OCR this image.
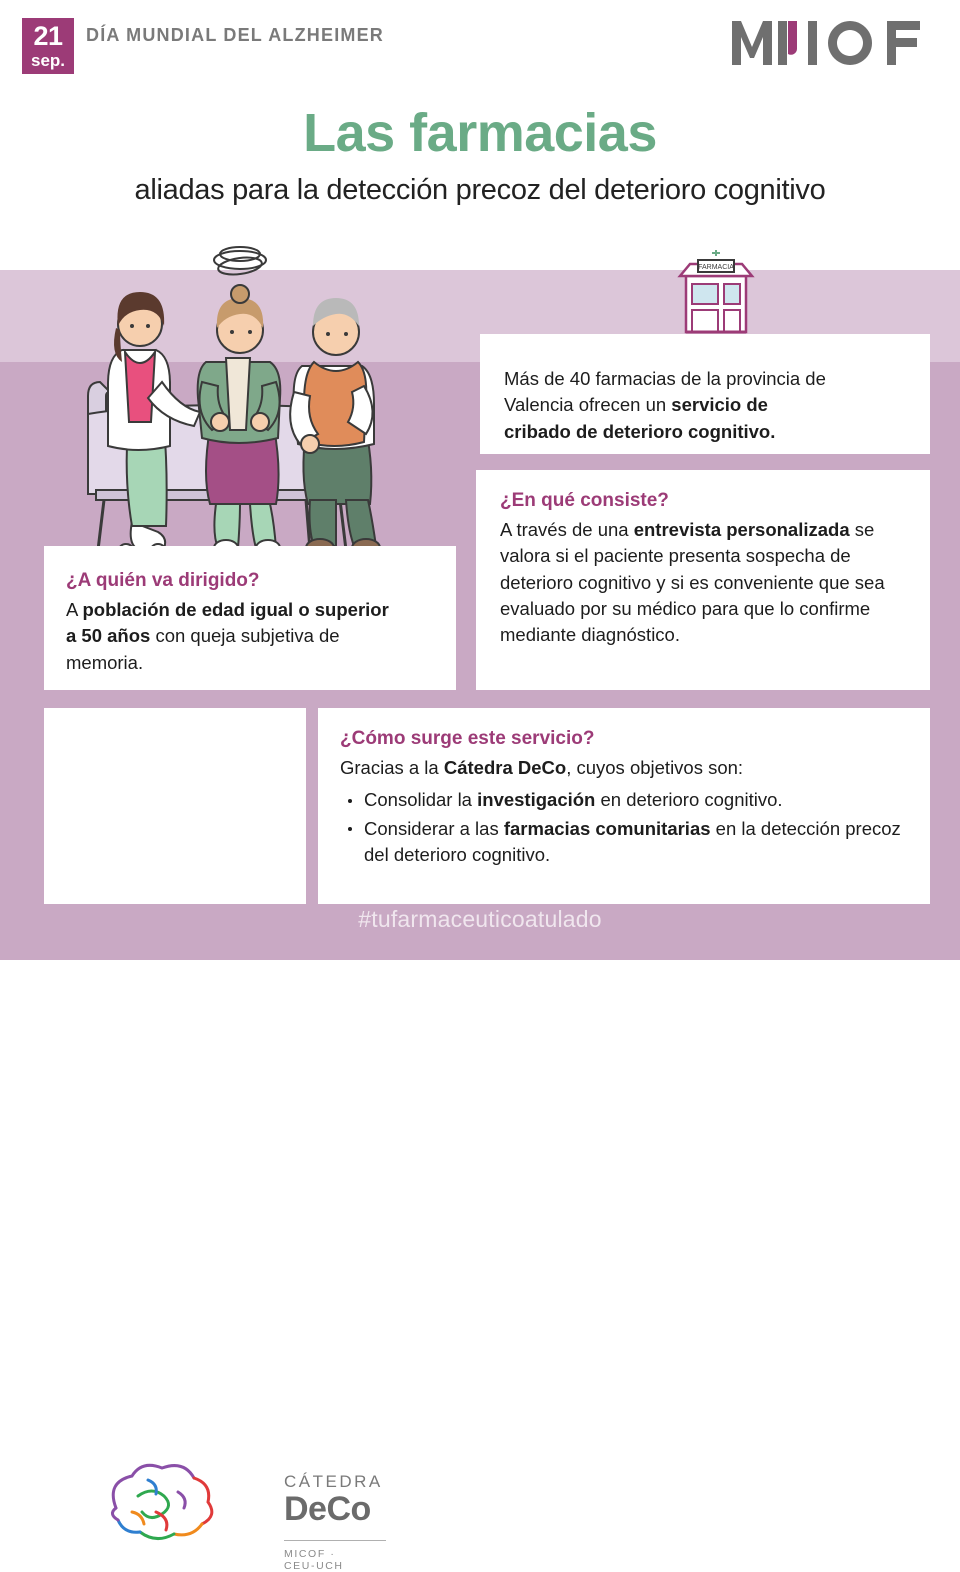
21
sep.
DÍA MUNDIAL DEL ALZHEIMER
Las farmacias
aliadas para la detección precoz del deterioro cognitivo
FARMACIA
Más de 40 farmacias de la provincia de
Valencia ofrecen un servicio de
cribado de deterioro cognitivo.
¿A quién va dirigido?
A población de edad igual o superior
a 50 años con queja subjetiva de
memoria.
¿En qué consiste?
A través de una entrevista personalizada se valora si el paciente presenta sospecha de deterioro cognitivo y si es conveniente que sea evaluado por su médico para que lo confirme mediante diagnóstico.
CÁTEDRA
DeCo
MICOF · CEU-UCH
¿Cómo surge este servicio?
Gracias a la Cátedra DeCo, cuyos objetivos son:
Consolidar la investigación en deterioro cognitivo.
Considerar a las farmacias comunitarias en la detección precoz del deterioro cognitivo.
#tufarmaceuticoatulado
